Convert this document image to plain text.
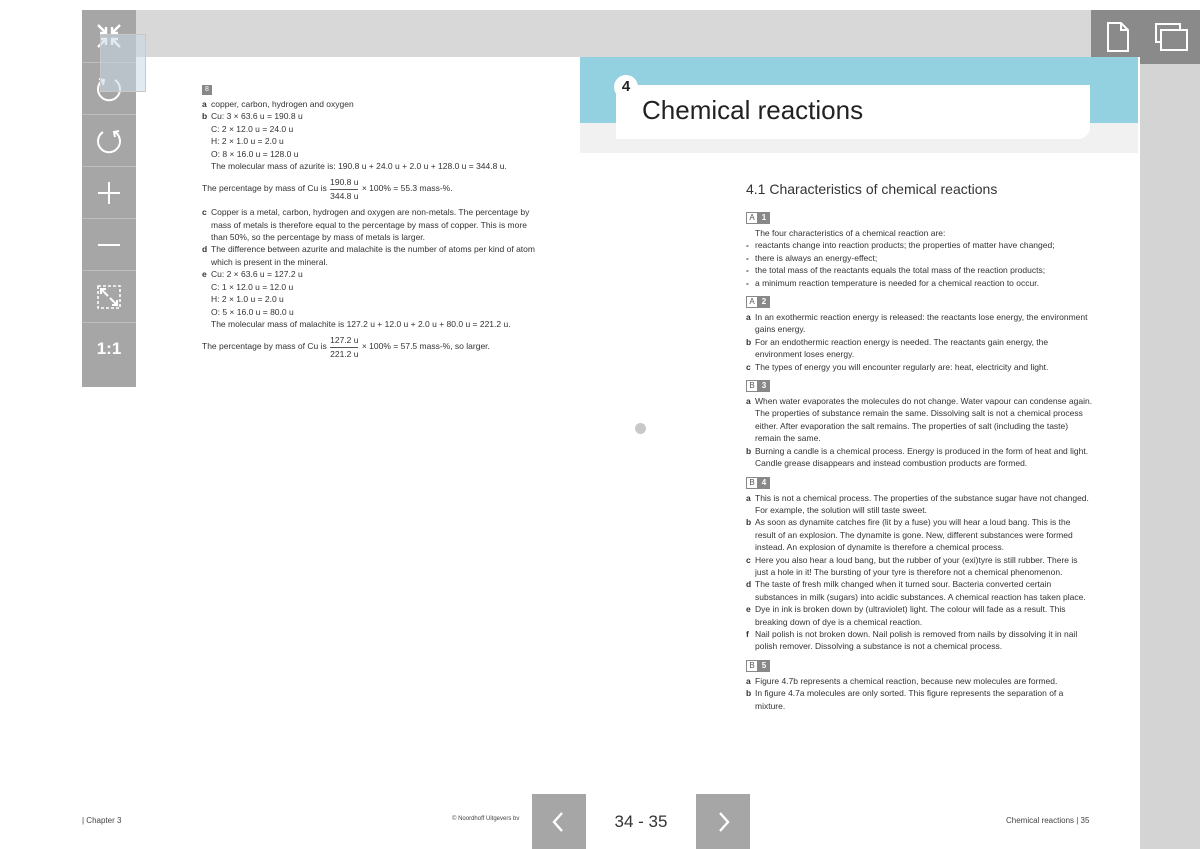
8
a copper, carbon, hydrogen and oxygen
b Cu: 3 × 63.6 u = 190.8 u
C: 2 × 12.0 u = 24.0 u
H: 2 × 1.0 u = 2.0 u
O: 8 × 16.0 u = 128.0 u
The molecular mass of azurite is: 190.8 u + 24.0 u + 2.0 u + 128.0 u = 344.8 u.
The percentage by mass of Cu is $\frac{190.8 u}{344.8 u} \times 100\% = 55.3$ mass-%.
c Copper is a metal, carbon, hydrogen and oxygen are non-metals. The percentage by
mass of metals is therefore equal to the percentage by mass of copper. This is more
than 50%, so the percentage by mass of metals is larger.
d The difference between azurite and malachite is the number of atoms per kind of atom
which is present in the mineral.
e Cu: 2 × 63.6 u = 127.2 u
C: 1 × 12.0 u = 12.0 u
H: 2 × 1.0 u = 2.0 u
O: 5 × 16.0 u = 80.0 u
The molecular mass of malachite is 127.2 u + 12.0 u + 2.0 u + 80.0 u = 221.2 u.
The percentage by mass of Cu is $\frac{127.2 u}{221.2 u} \times 100\% = 57.5$ mass-%, so larger.
4
Chemical reactions
4.1 Characteristics of chemical reactions
A 1
The four characteristics of a chemical reaction are:
- reactants change into reaction products; the properties of matter have changed;
- there is always an energy-effect;
- the total mass of the reactants equals the total mass of the reaction products;
- a minimum reaction temperature is needed for a chemical reaction to occur.
A 2
a In an exothermic reaction energy is released: the reactants lose energy, the environment
gains energy.
b For an endothermic reaction energy is needed. The reactants gain energy, the
environment loses energy.
c The types of energy you will encounter regularly are: heat, electricity and light.
B 3
a When water evaporates the molecules do not change. Water vapour can condense again.
The properties of substance remain the same. Dissolving salt is not a chemical process
either. After evaporation the salt remains. The properties of salt (including the taste)
remain the same.
b Burning a candle is a chemical process. Energy is produced in the form of heat and light.
Candle grease disappears and instead combustion products are formed.
B 4
a This is not a chemical process. The properties of the substance sugar have not changed.
For example, the solution will still taste sweet.
b As soon as dynamite catches fire (lit by a fuse) you will hear a loud bang. This is the
result of an explosion. The dynamite is gone. New, different substances were formed
instead. An explosion of dynamite is therefore a chemical process.
c Here you also hear a loud bang, but the rubber of your (exi)tyre is still rubber. There is
just a hole in it! The bursting of your tyre is therefore not a chemical phenomenon.
d The taste of fresh milk changed when it turned sour. Bacteria converted certain
substances in milk (sugars) into acidic substances. A chemical reaction has taken place.
e Dye in ink is broken down by (ultraviolet) light. The colour will fade as a result. This
breaking down of dye is a chemical reaction.
f Nail polish is not broken down. Nail polish is removed from nails by dissolving it in nail
polish remover. Dissolving a substance is not a chemical process.
B 5
a Figure 4.7b represents a chemical reaction, because new molecules are formed.
b In figure 4.7a molecules are only sorted. This figure represents the separation of a
mixture.
1:1
| Chapter 3	© Noordhoff Uitgevers bv	Chemical reactions | 35
34 - 35
